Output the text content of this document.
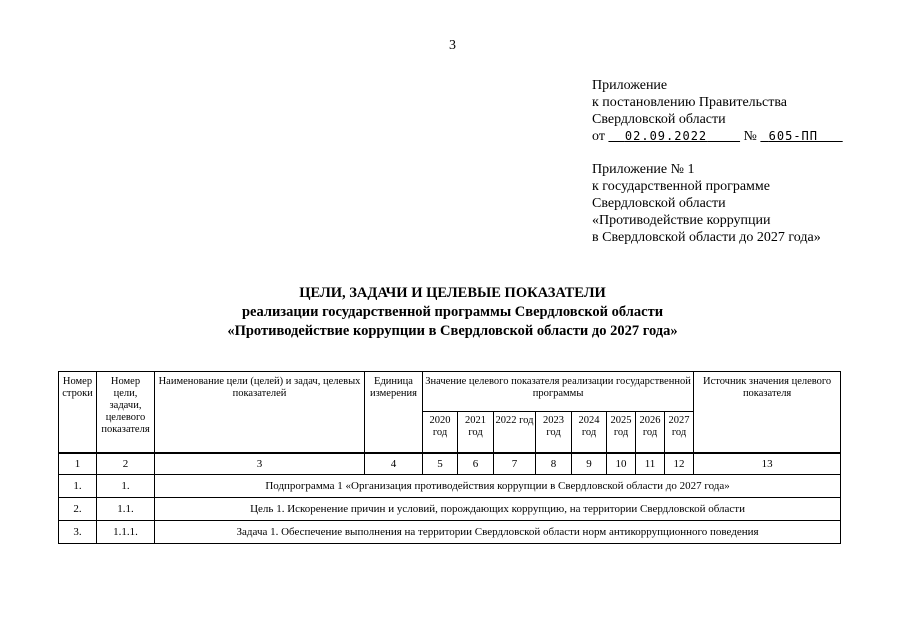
3
Приложение
к постановлению Правительства
Свердловской области
от 02.09.2022	№ 605-ПП
Приложение № 1
к государственной программе
Свердловской области
«Противодействие коррупции
в Свердловской области до 2027 года»
ЦЕЛИ, ЗАДАЧИ И ЦЕЛЕВЫЕ ПОКАЗАТЕЛИ
реализации государственной программы Свердловской области
«Противодействие коррупции в Свердловской области до 2027 года»
Номер строки	Номер цели, задачи, целевого показателя	Наименование цели (целей) и задач, целевых показателей	Единица измерения	Значение целевого показателя реализации государственной программы								Источник значения целевого показателя
				2020 год	2021 год	2022 год	2023 год	2024 год	2025 год	2026 год	2027 год	
1	2	3	4	5	6	7	8	9	10	11	12	13
1.	1.	Подпрограмма 1 «Организация противодействия коррупции в Свердловской области до 2027 года»										
2.	1.1.	Цель 1. Искоренение причин и условий, порождающих коррупцию, на территории Свердловской области										
3.	1.1.1.	Задача 1. Обеспечение выполнения на территории Свердловской области норм антикоррупционного поведения										
